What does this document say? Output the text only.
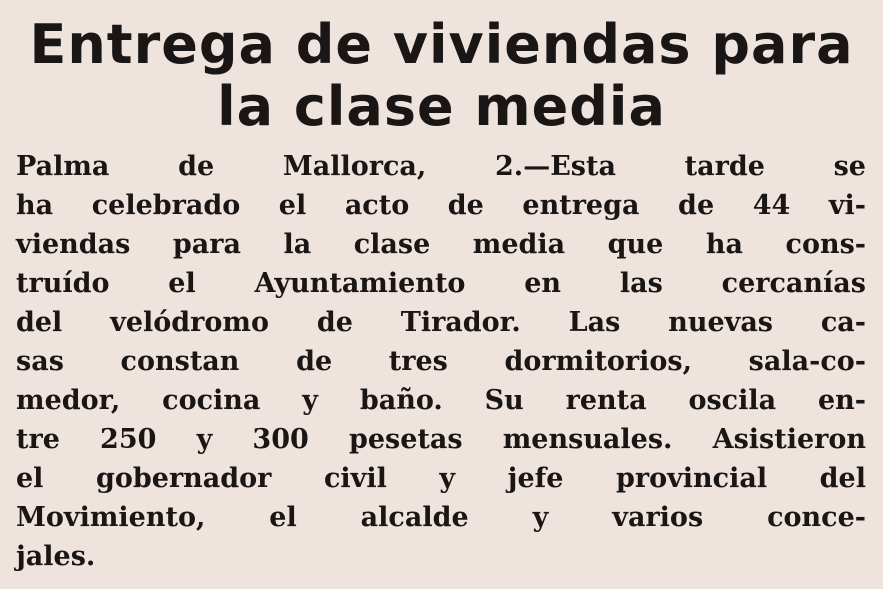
Entrega de viviendas para
la clase media
Palma de Mallorca, 2.—Esta tarde se
ha celebrado el acto de entrega de 44 vi-
viendas para la clase media que ha cons-
truído el Ayuntamiento en las cercanías
del velódromo de Tirador. Las nuevas ca-
sas constan de tres dormitorios, sala-co-
medor, cocina y baño. Su renta oscila en-
tre 250 y 300 pesetas mensuales. Asistieron
el gobernador civil y jefe provincial del
Movimiento, el alcalde y varios conce-
jales.
